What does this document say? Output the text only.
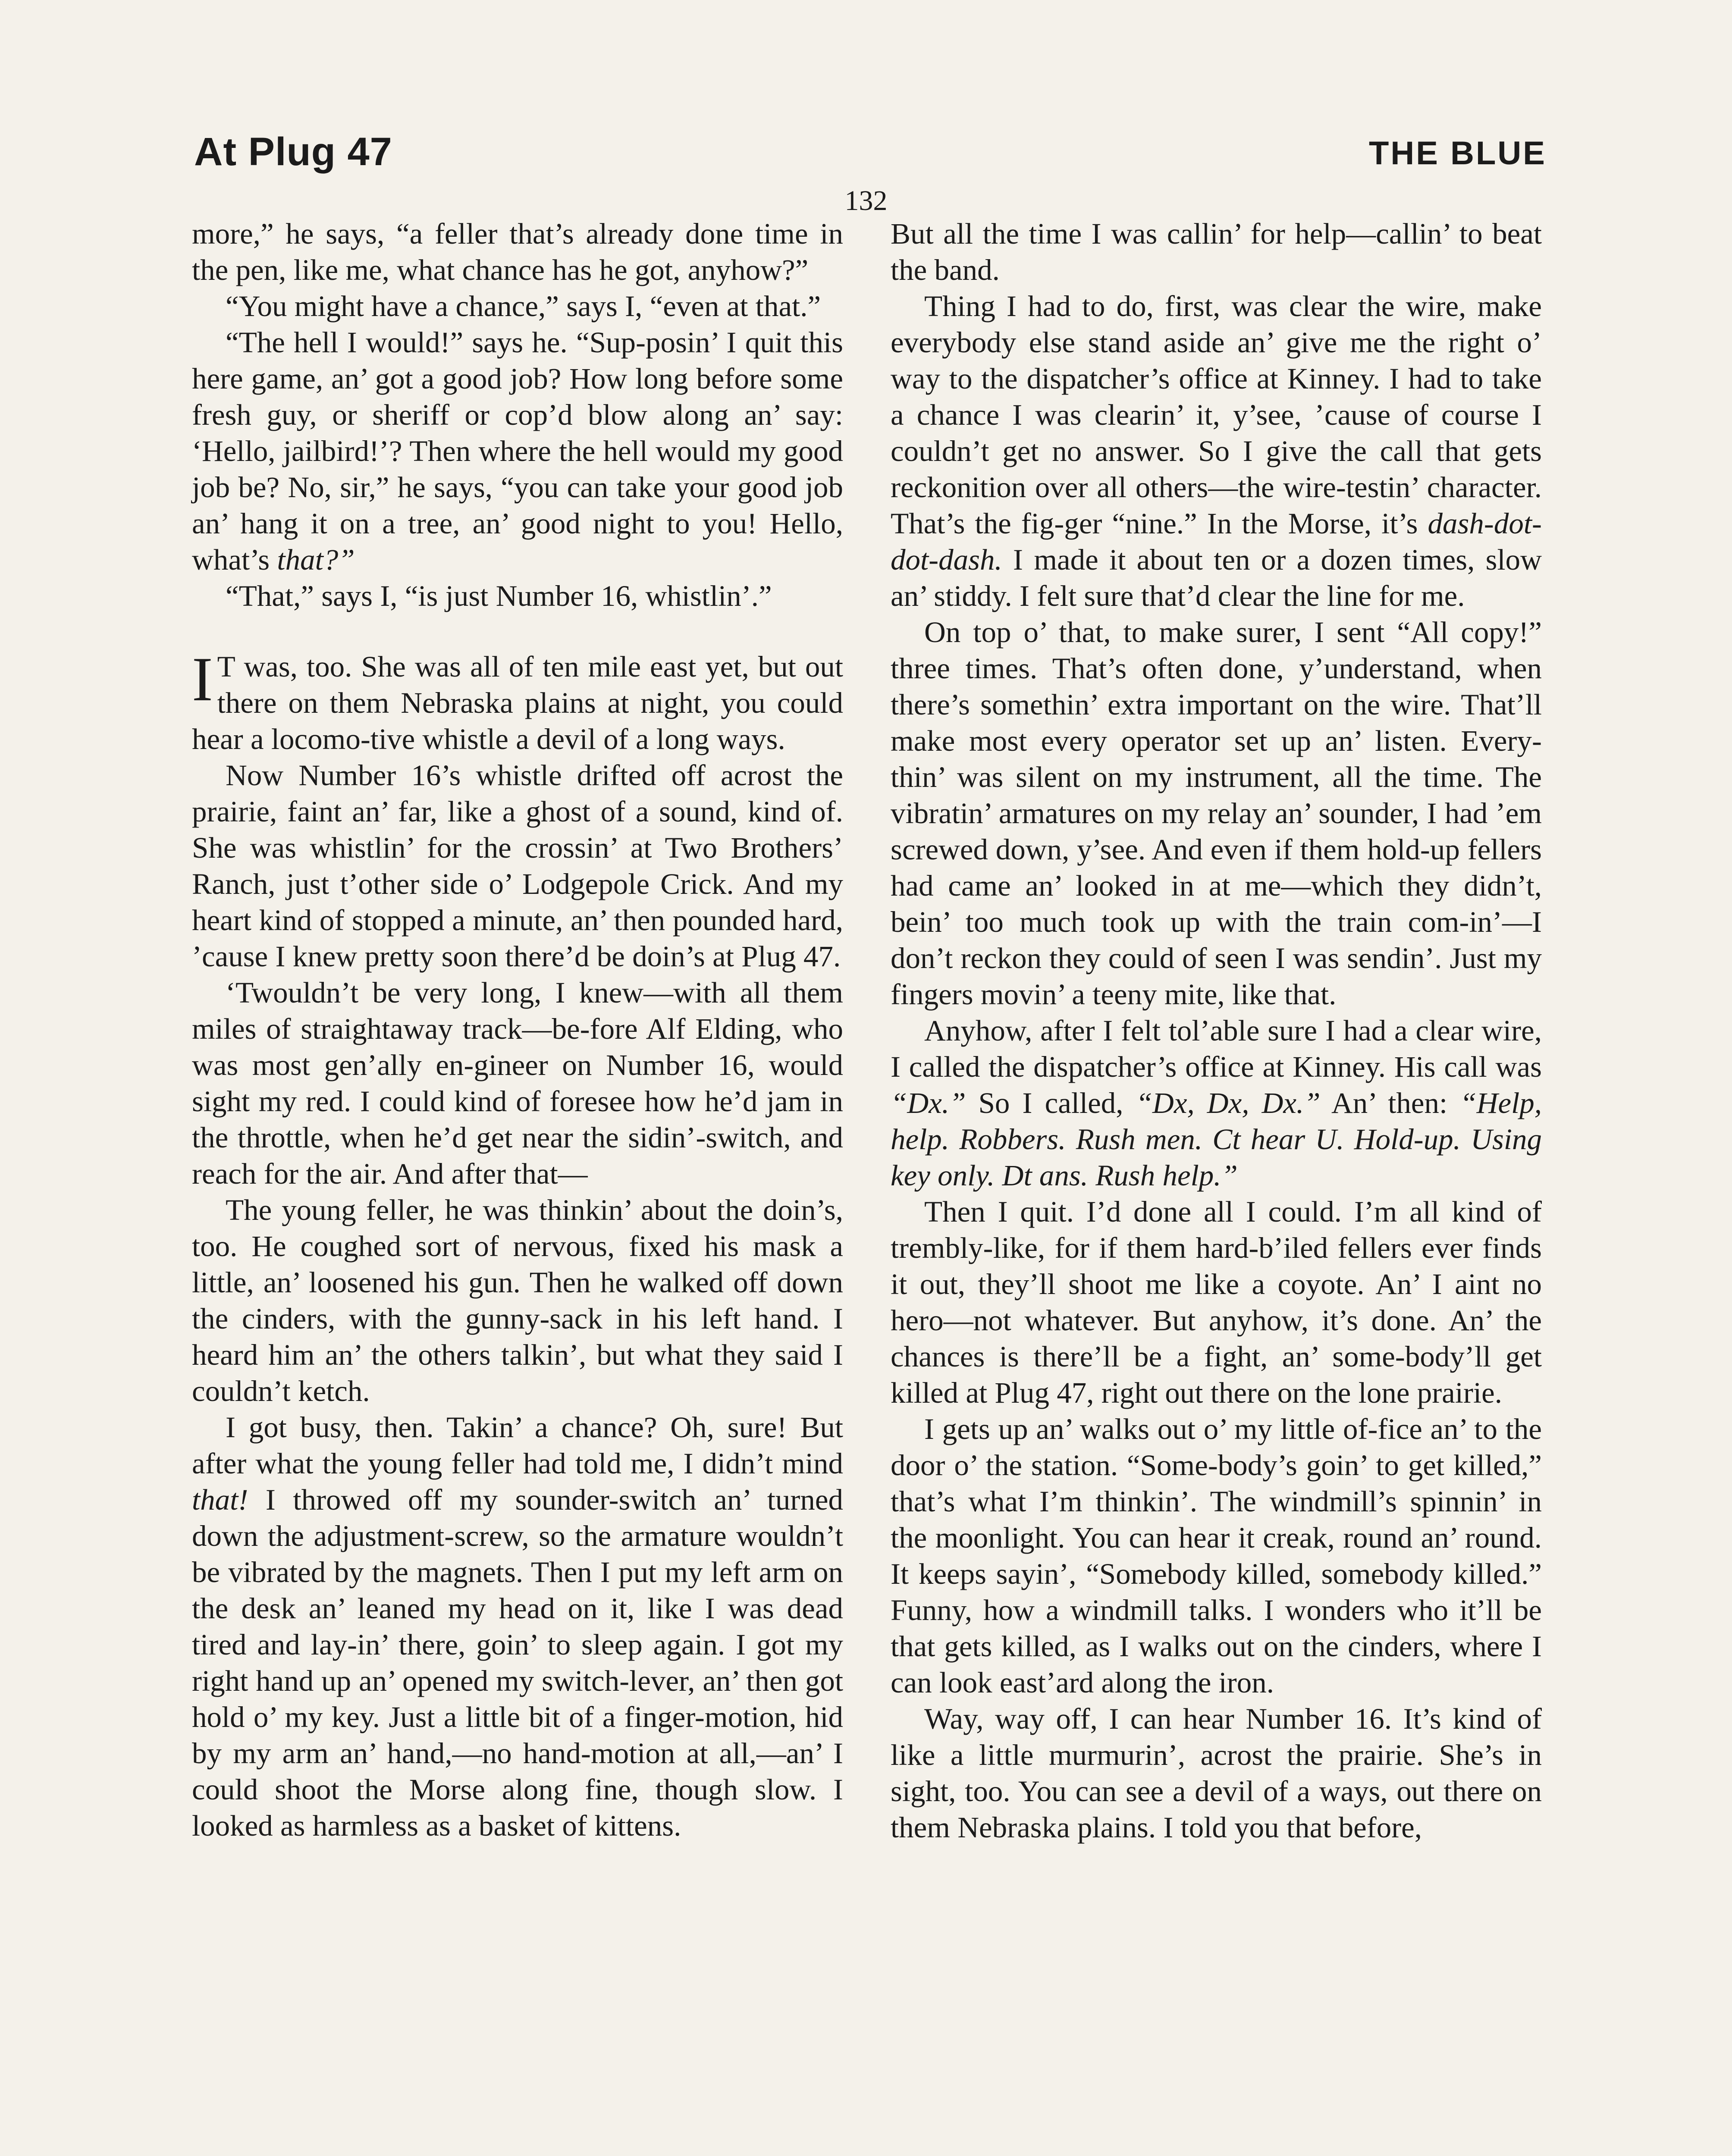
At Plug 47	THE BLUE
132

more,” he says, “a feller that’s already done time in the pen, like me, what chance has he got, anyhow?”

“You might have a chance,” says I, “even at that.”

“The hell I would!” says he. “Sup-posin’ I quit this here game, an’ got a good job? How long before some fresh guy, or sheriff or cop’d blow along an’ say: ‘Hello, jailbird!’? Then where the hell would my good job be? No, sir,” he says, “you can take your good job an’ hang it on a tree, an’ good night to you! Hello, what’s that?”

“That,” says I, “is just Number 16, whistlin’.”

I T was, too. She was all of ten mile east yet, but out there on them Nebraska plains at night, you could hear a locomo-tive whistle a devil of a long ways.

Now Number 16’s whistle drifted off acrost the prairie, faint an’ far, like a ghost of a sound, kind of. She was whistlin’ for the crossin’ at Two Brothers’ Ranch, just t’other side o’ Lodgepole Crick. And my heart kind of stopped a minute, an’ then pounded hard, ’cause I knew pretty soon there’d be doin’s at Plug 47.

‘Twouldn’t be very long, I knew—with all them miles of straightaway track—be-fore Alf Elding, who was most gen’ally en-gineer on Number 16, would sight my red. I could kind of foresee how he’d jam in the throttle, when he’d get near the sidin’-switch, and reach for the air. And after that—

The young feller, he was thinkin’ about the doin’s, too. He coughed sort of nervous, fixed his mask a little, an’ loosened his gun. Then he walked off down the cinders, with the gunny-sack in his left hand. I heard him an’ the others talkin’, but what they said I couldn’t ketch.

I got busy, then. Takin’ a chance? Oh, sure! But after what the young feller had told me, I didn’t mind that! I throwed off my sounder-switch an’ turned down the adjustment-screw, so the armature wouldn’t be vibrated by the magnets. Then I put my left arm on the desk an’ leaned my head on it, like I was dead tired and lay-in’ there, goin’ to sleep again. I got my right hand up an’ opened my switch-lever, an’ then got hold o’ my key. Just a little bit of a finger-motion, hid by my arm an’ hand,—no hand-motion at all,—an’ I could shoot the Morse along fine, though slow. I looked as harmless as a basket of kittens.

But all the time I was callin’ for help—callin’ to beat the band.

Thing I had to do, first, was clear the wire, make everybody else stand aside an’ give me the right o’ way to the dispatcher’s office at Kinney. I had to take a chance I was clearin’ it, y’see, ’cause of course I couldn’t get no answer. So I give the call that gets reckonition over all others—the wire-testin’ character. That’s the fig-ger “nine.” In the Morse, it’s dash-dot-dot-dash. I made it about ten or a dozen times, slow an’ stiddy. I felt sure that’d clear the line for me.

On top o’ that, to make surer, I sent “All copy!” three times. That’s often done, y’understand, when there’s somethin’ extra important on the wire. That’ll make most every operator set up an’ listen. Every-thin’ was silent on my instrument, all the time. The vibratin’ armatures on my relay an’ sounder, I had ’em screwed down, y’see. And even if them hold-up fellers had came an’ looked in at me—which they didn’t, bein’ too much took up with the train com-in’—I don’t reckon they could of seen I was sendin’. Just my fingers movin’ a teeny mite, like that.

Anyhow, after I felt tol’able sure I had a clear wire, I called the dispatcher’s office at Kinney. His call was “Dx.” So I called, “Dx, Dx, Dx.” An’ then: “Help, help. Robbers. Rush men. Ct hear U. Hold-up. Using key only. Dt ans. Rush help.”

Then I quit. I’d done all I could. I’m all kind of trembly-like, for if them hard-b’iled fellers ever finds it out, they’ll shoot me like a coyote. An’ I aint no hero—not whatever. But anyhow, it’s done. An’ the chances is there’ll be a fight, an’ some-body’ll get killed at Plug 47, right out there on the lone prairie.

I gets up an’ walks out o’ my little of-fice an’ to the door o’ the station. “Some-body’s goin’ to get killed,” that’s what I’m thinkin’. The windmill’s spinnin’ in the moonlight. You can hear it creak, round an’ round. It keeps sayin’, “Somebody killed, somebody killed.” Funny, how a windmill talks. I wonders who it’ll be that gets killed, as I walks out on the cinders, where I can look east’ard along the iron.

Way, way off, I can hear Number 16. It’s kind of like a little murmurin’, acrost the prairie. She’s in sight, too. You can see a devil of a ways, out there on them Nebraska plains. I told you that before,
